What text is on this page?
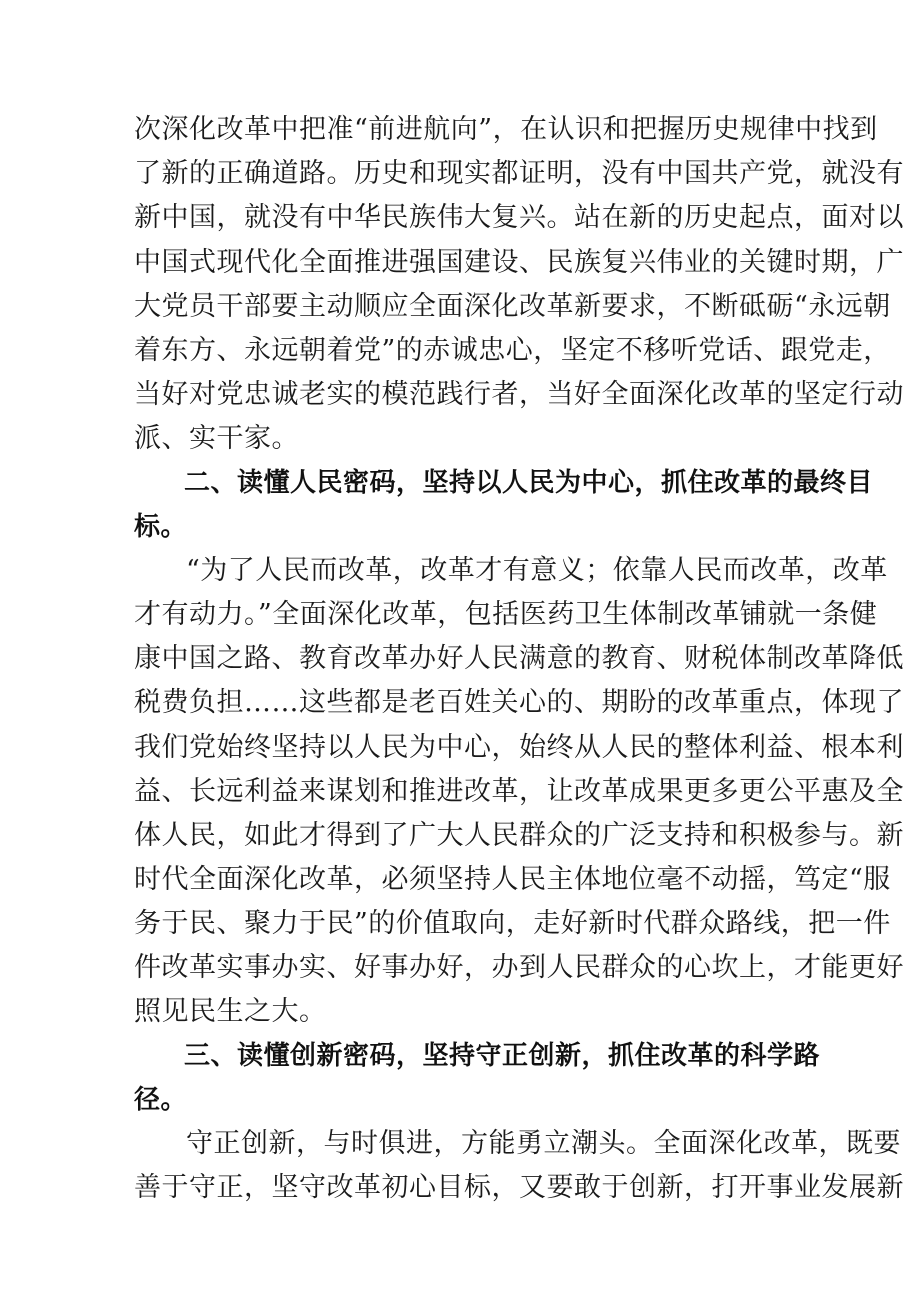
次深化改革中把准“前进航向”，在认识和把握历史规律中找到
了新的正确道路。历史和现实都证明，没有中国共产党，就没有
新中国，就没有中华民族伟大复兴。站在新的历史起点，面对以
中国式现代化全面推进强国建设、民族复兴伟业的关键时期，广
大党员干部要主动顺应全面深化改革新要求，不断砥砺“永远朝
着东方、永远朝着党”的赤诚忠心，坚定不移听党话、跟党走，
当好对党忠诚老实的模范践行者，当好全面深化改革的坚定行动
派、实干家。
二、读懂人民密码，坚持以人民为中心，抓住改革的最终目
标。
“为了人民而改革，改革才有意义；依靠人民而改革，改革
才有动力。”全面深化改革，包括医药卫生体制改革铺就一条健
康中国之路、教育改革办好人民满意的教育、财税体制改革降低
税费负担……这些都是老百姓关心的、期盼的改革重点，体现了
我们党始终坚持以人民为中心，始终从人民的整体利益、根本利
益、长远利益来谋划和推进改革，让改革成果更多更公平惠及全
体人民，如此才得到了广大人民群众的广泛支持和积极参与。新
时代全面深化改革，必须坚持人民主体地位毫不动摇，笃定“服
务于民、聚力于民”的价值取向，走好新时代群众路线，把一件
件改革实事办实、好事办好，办到人民群众的心坎上，才能更好
照见民生之大。
三、读懂创新密码，坚持守正创新，抓住改革的科学路
径。
守正创新，与时俱进，方能勇立潮头。全面深化改革，既要
善于守正，坚守改革初心目标，又要敢于创新，打开事业发展新
